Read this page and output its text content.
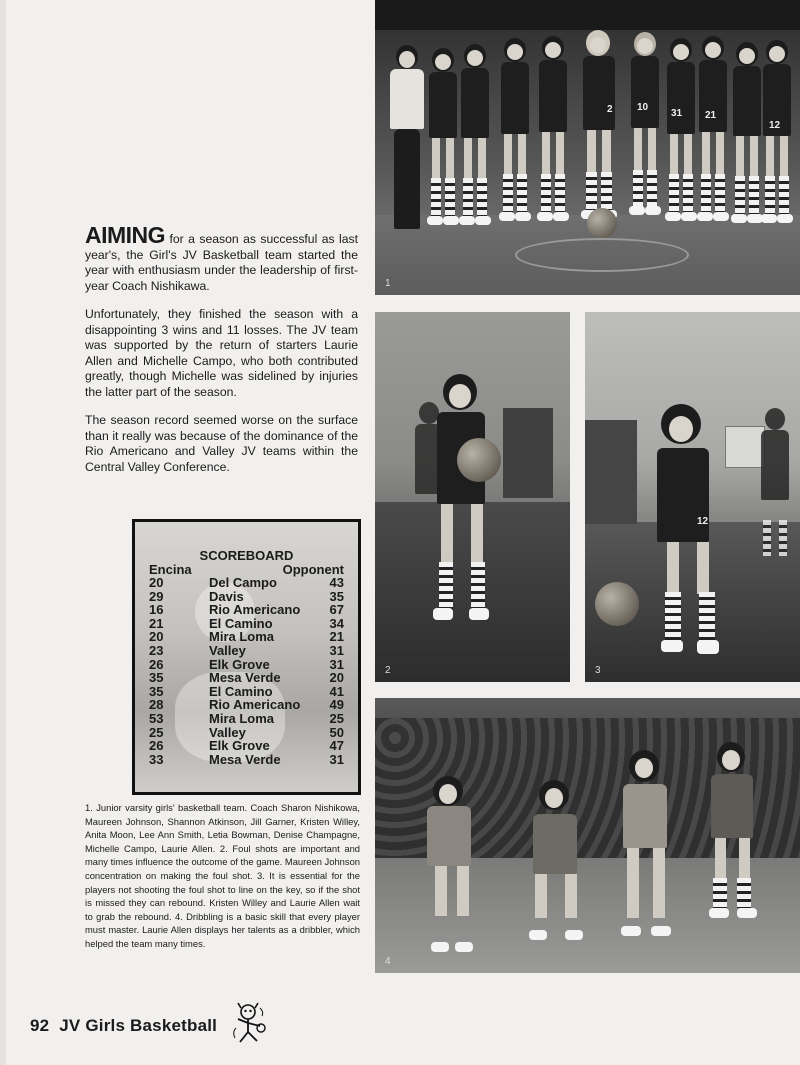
2 10
31 21
12
1
2
12
3
4

AIMING for a season as successful as last year's, the Girl's JV Basketball team started the year with enthusiasm under the leadership of first-year Coach Nishikawa.

Unfortunately, they finished the season with a disappointing 3 wins and 11 losses. The JV team was supported by the return of starters Laurie Allen and Michelle Campo, who both contributed greatly, though Michelle was sidelined by injuries the latter part of the season.

The season record seemed worse on the surface than it really was because of the dominance of the Rio Americano and Valley JV teams within the Central Valley Conference.

SCOREBOARD
Encina	Opponent
20	Del Campo	43
29	Davis	35
16	Rio Americano 67
21	El Camino	34
20	Mira Loma	21
23	Valley	31
26	Elk Grove	31
35	Mesa Verde	20
35	El Camino	41
28	Rio Americano 49
53	Mira Loma	25
25	Valley	50
26	Elk Grove	47
33	Mesa Verde	31

1. Junior varsity girls' basketball team. Coach Sharon Nishikowa, Maureen Johnson, Shannon Atkinson, Jill Garner, Kristen Willey, Anita Moon, Lee Ann Smith, Letia Bowman, Denise Champagne, Michelle Campo, Laurie Allen. 2. Foul shots are important and many times influence the outcome of the game. Maureen Johnson concentration on making the foul shot. 3. It is essential for the players not shooting the foul shot to line on the key, so if the shot is missed they can rebound. Kristen Willey and Laurie Allen wait to grab the rebound. 4. Dribbling is a basic skill that every player must master. Laurie Allen displays her talents as a dribbler, which helped the team many times.

92 JV Girls Basketball
